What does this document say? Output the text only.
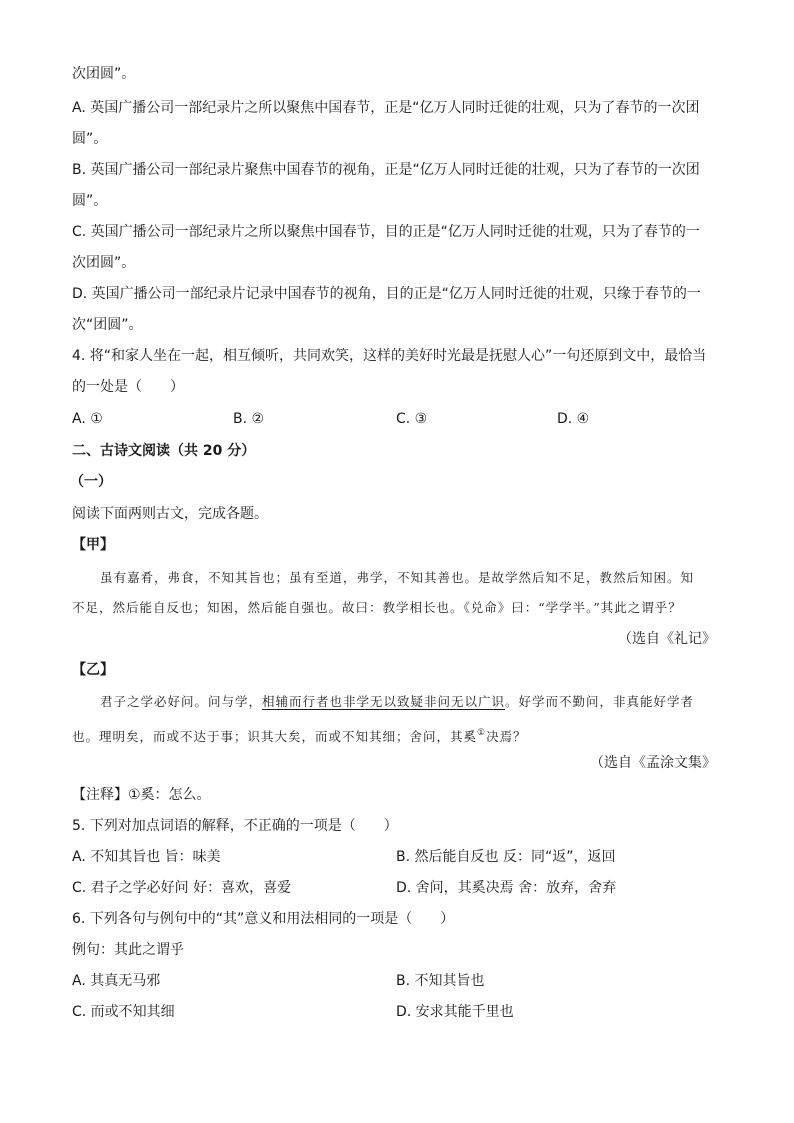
次团圆”。
A. 英国广播公司一部纪录片之所以聚焦中国春节，正是“亿万人同时迁徙的壮观，只为了春节的一次团
圆”。
B. 英国广播公司一部纪录片聚焦中国春节的视角，正是“亿万人同时迁徙的壮观，只为了春节的一次团
圆”。
C. 英国广播公司一部纪录片之所以聚焦中国春节，目的正是“亿万人同时迁徙的壮观，只为了春节的一
次团圆”。
D. 英国广播公司一部纪录片记录中国春节的视角，目的正是“亿万人同时迁徙的壮观，只缘于春节的一
次“团圆”。
4. 将“和家人坐在一起，相互倾听，共同欢笑，这样的美好时光最是抚慰人心”一句还原到文中，最恰当
的一处是（　　）
A. ①	B. ②	C. ③	D. ④
二、古诗文阅读（共 20 分）
（一）
阅读下面两则古文，完成各题。
【甲】
虽有嘉肴，弗食，不知其旨也；虽有至道，弗学，不知其善也。是故学然后知不足，教然后知困。知
不足，然后能自反也；知困，然后能自强也。故曰：教学相长也。《兑命》曰：“学学半。”其此之谓乎？
（选自《礼记》
【乙】
君子之学必好问。问与学，相辅而行者也非学无以致疑非问无以广识。好学而不勤问，非真能好学者
也。理明矣，而或不达于事；识其大矣，而或不知其细；舍问，其奚①决焉？
（选自《孟涂文集》
【注释】①奚：怎么。
5. 下列对加点词语的解释，不正确的一项是（　　）
A. 不知其旨也 旨：味美	B. 然后能自反也 反：同“返”，返回
C. 君子之学必好问 好：喜欢，喜爱	D. 舍问，其奚决焉 舍：放弃，舍弃
6. 下列各句与例句中的“其”意义和用法相同的一项是（　　）
例句：其此之谓乎
A. 其真无马邪	B. 不知其旨也
C. 而或不知其细	D. 安求其能千里也
